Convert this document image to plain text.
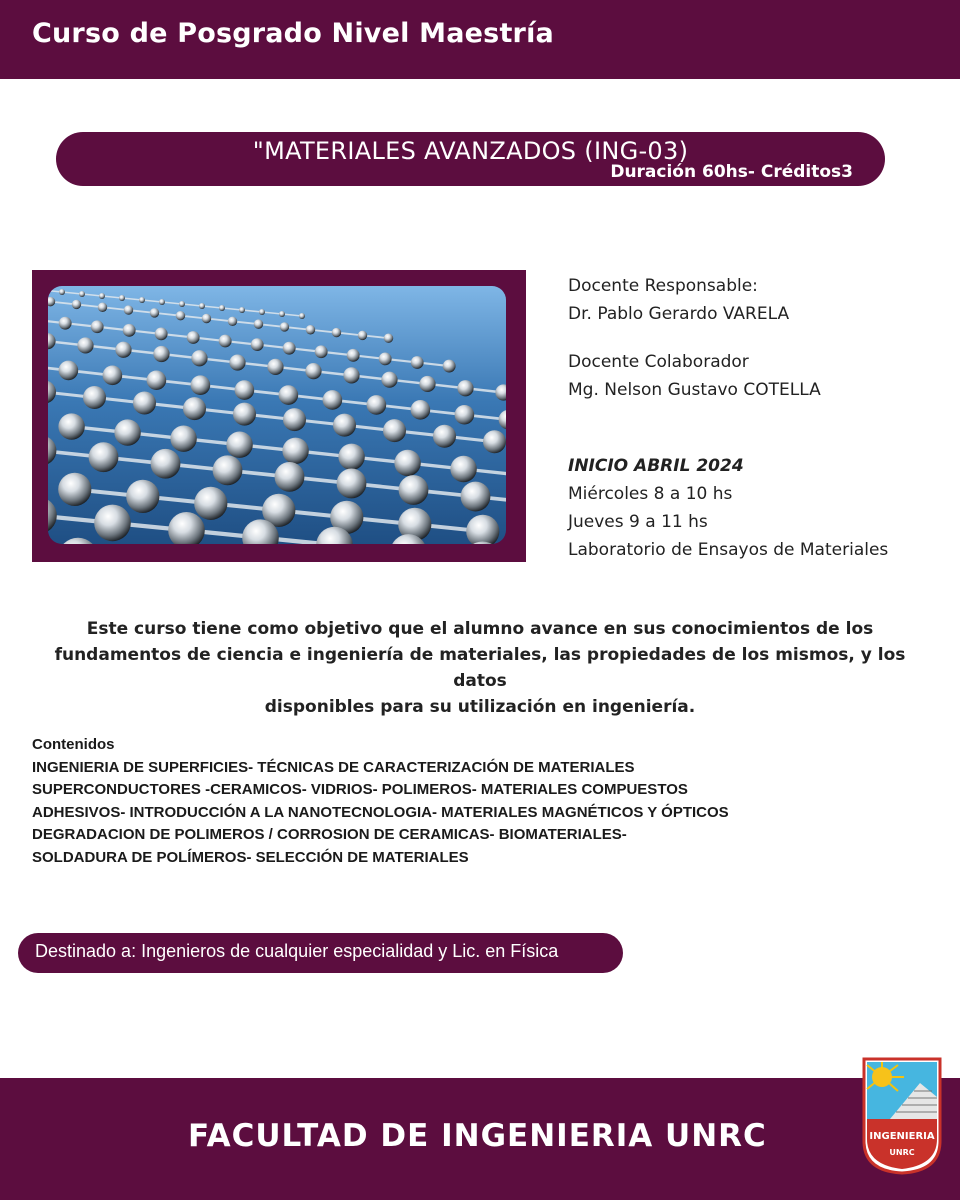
Curso de Posgrado Nivel Maestría
"MATERIALES AVANZADOS (ING-03)
Duración 60hs- Créditos3
Docente Responsable:
Dr. Pablo Gerardo VARELA
Docente Colaborador
Mg. Nelson Gustavo COTELLA
INICIO ABRIL 2024
Miércoles 8 a 10 hs
Jueves 9 a 11 hs
Laboratorio de Ensayos de Materiales
Este curso tiene como objetivo que el alumno avance en sus conocimientos de los
fundamentos de ciencia e ingeniería de materiales, las propiedades de los mismos, y los datos
disponibles para su utilización en ingeniería.
Contenidos
INGENIERIA DE SUPERFICIES- TÉCNICAS DE CARACTERIZACIÓN DE MATERIALES
SUPERCONDUCTORES -CERAMICOS- VIDRIOS- POLIMEROS- MATERIALES COMPUESTOS
ADHESIVOS- INTRODUCCIÓN A LA NANOTECNOLOGIA- MATERIALES MAGNÉTICOS Y ÓPTICOS
DEGRADACION DE POLIMEROS / CORROSION DE CERAMICAS- BIOMATERIALES-
SOLDADURA DE POLÍMEROS- SELECCIÓN DE MATERIALES
Destinado a: Ingenieros de cualquier especialidad y Lic. en Física
FACULTAD DE INGENIERIA UNRC	INGENIERIA
UNRC
